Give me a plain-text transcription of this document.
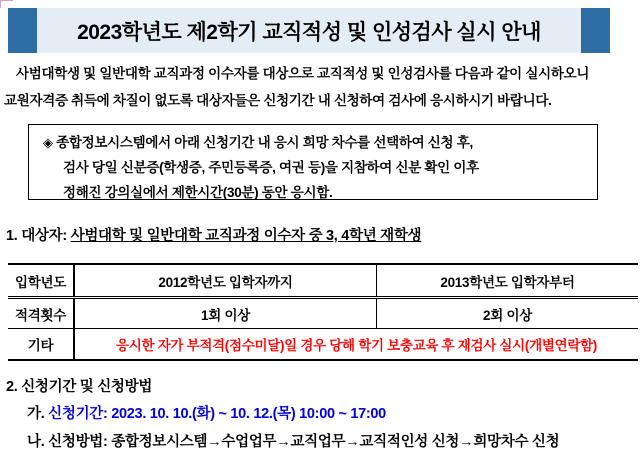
2023학년도 제2학기 교직적성 및 인성검사 실시 안내
사범대학생 및 일반대학 교직과정 이수자를 대상으로 교직적성 및 인성검사를 다음과 같이 실시하오니
교원자격증 취득에 차질이 없도록 대상자들은 신청기간 내 신청하여 검사에 응시하시기 바랍니다.
◈ 종합정보시스템에서 아래 신청기간 내 응시 희망 차수를 선택하여 신청 후,
검사 당일 신분증(학생증, 주민등록증, 여권 등)을 지참하여 신분 확인 이후
정해진 강의실에서 제한시간(30분) 동안 응시함.
1. 대상자: 사범대학 및 일반대학 교직과정 이수자 중 3, 4학년 재학생
입학년도	2012학년도 입학자까지	2013학년도 입학자부터
적격횟수	1회 이상	2회 이상
기타	응시한 자가 부적격(점수미달)일 경우 당해 학기 보충교육 후 재검사 실시(개별연락함)	
2. 신청기간 및 신청방법
가. 신청기간: 2023. 10. 10.(화) ~ 10. 12.(목) 10:00 ~ 17:00
나. 신청방법: 종합정보시스템→수업업무→교직업무→교직적인성 신청→희망차수 신청
